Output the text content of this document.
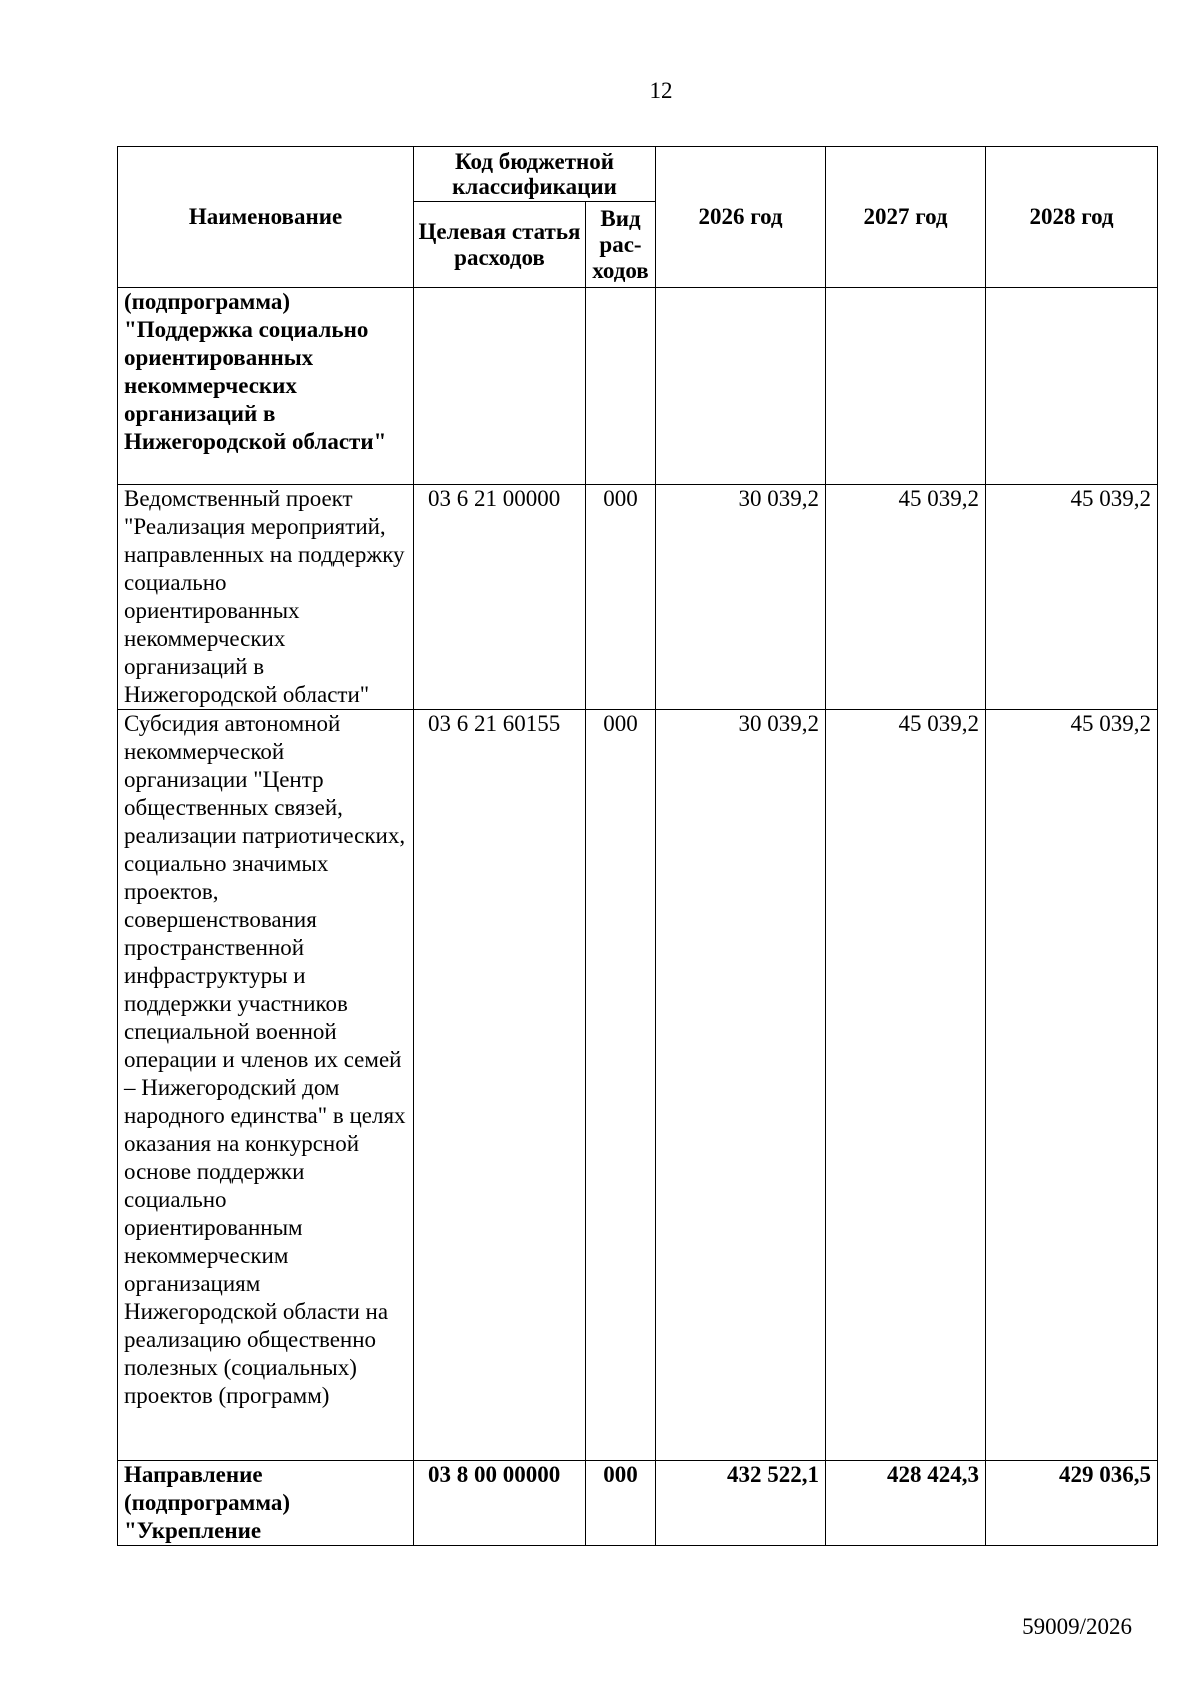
12
Наименование	Код бюджетной классификации		2026 год	2027 год	2028 год
	Целевая статья расходов	Вид рас-ходов			
(подпрограмма) "Поддержка социально ориентированных некоммерческих организаций в Нижегородской области"					
Ведомственный проект "Реализация мероприятий, направленных на поддержку социально ориентированных некоммерческих организаций в Нижегородской области"	03 6 21 00000	000	30 039,2	45 039,2	45 039,2
Субсидия автономной некоммерческой организации "Центр общественных связей, реализации патриотических, социально значимых проектов, совершенствования пространственной инфраструктуры и поддержки участников специальной военной операции и членов их семей – Нижегородский дом народного единства" в целях оказания на конкурсной основе поддержки социально ориентированным некоммерческим организациям Нижегородской области на реализацию общественно полезных (социальных) проектов (программ)	03 6 21 60155	000	30 039,2	45 039,2	45 039,2
Направление (подпрограмма) "Укрепление	03 8 00 00000	000	432 522,1	428 424,3	429 036,5
59009/2026
